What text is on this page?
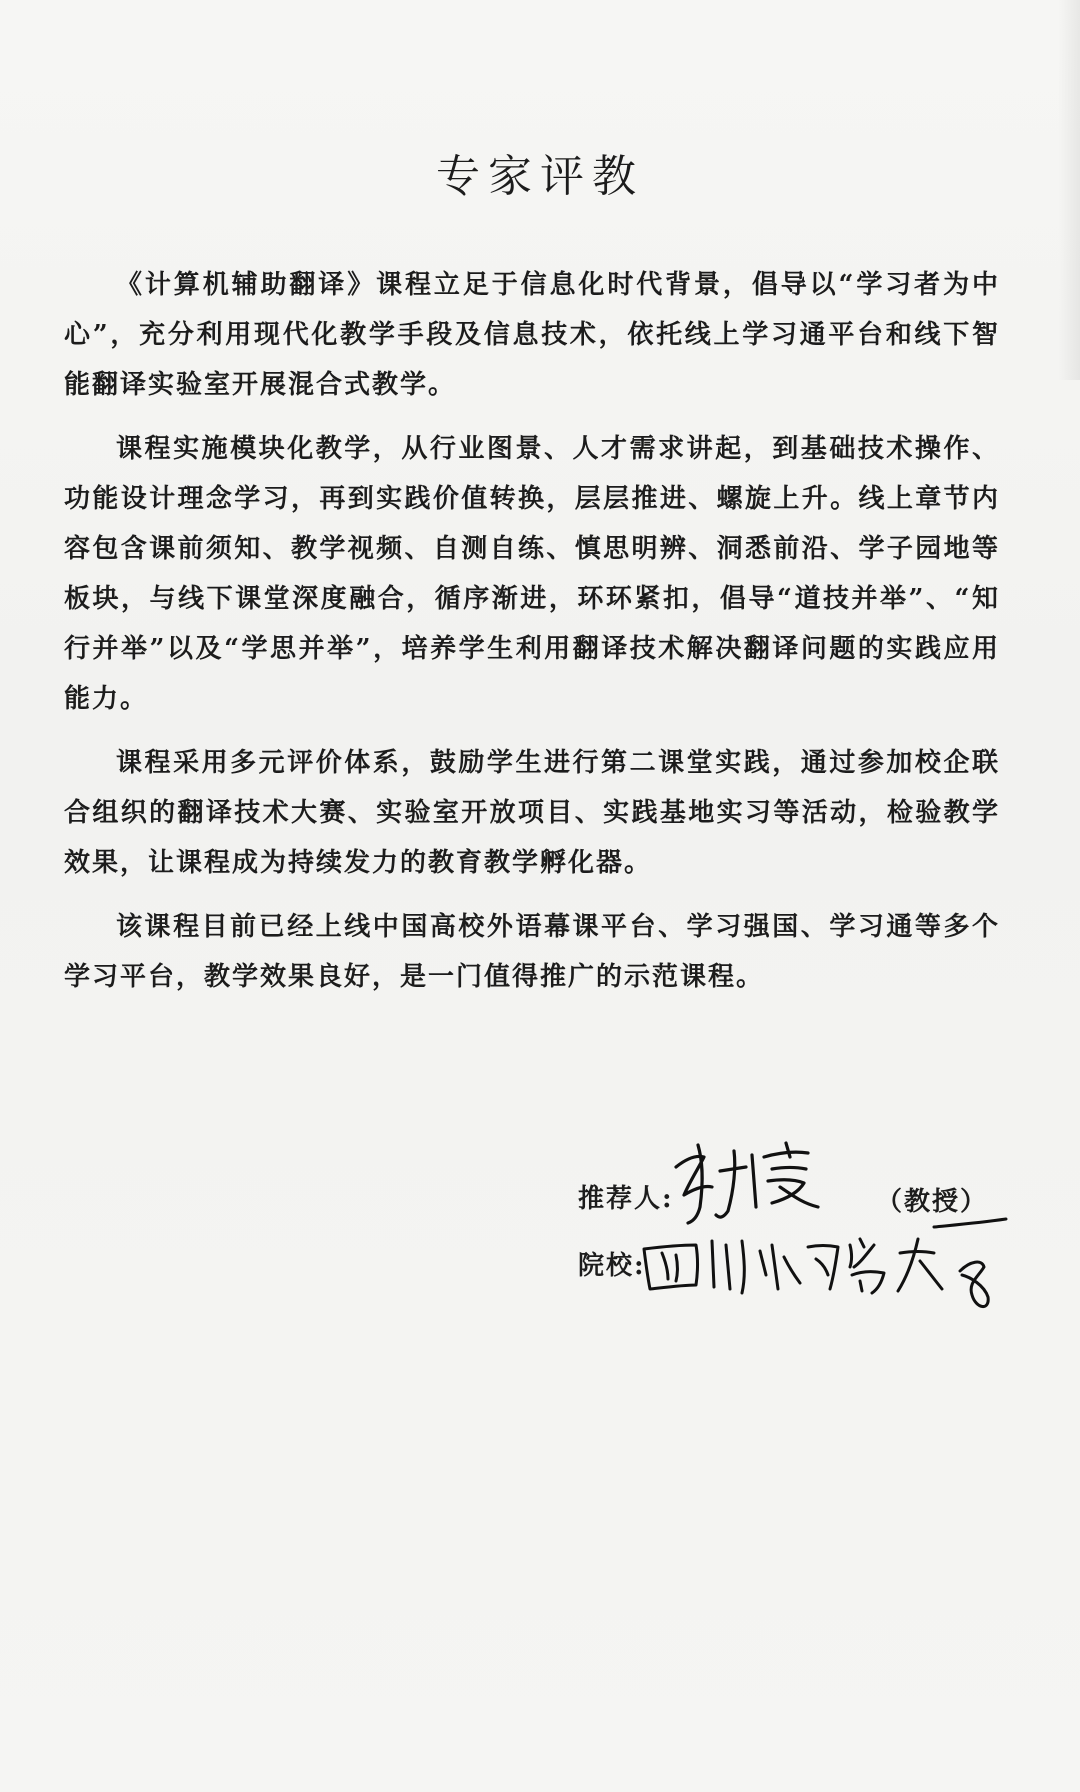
专家评教

《计算机辅助翻译》课程立足于信息化时代背景，倡导以“学习者为中心”，充分利用现代化教学手段及信息技术，依托线上学习通平台和线下智能翻译实验室开展混合式教学。

课程实施模块化教学，从行业图景、人才需求讲起，到基础技术操作、功能设计理念学习，再到实践价值转换，层层推进、螺旋上升。线上章节内容包含课前须知、教学视频、自测自练、慎思明辨、洞悉前沿、学子园地等板块，与线下课堂深度融合，循序渐进，环环紧扣，倡导“道技并举”、“知行并举”以及“学思并举”，培养学生利用翻译技术解决翻译问题的实践应用能力。

课程采用多元评价体系，鼓励学生进行第二课堂实践，通过参加校企联合组织的翻译技术大赛、实验室开放项目、实践基地实习等活动，检验教学效果，让课程成为持续发力的教育教学孵化器。

该课程目前已经上线中国高校外语幕课平台、学习强国、学习通等多个学习平台，教学效果良好，是一门值得推广的示范课程。

推荐人:	（教授）
院校:
